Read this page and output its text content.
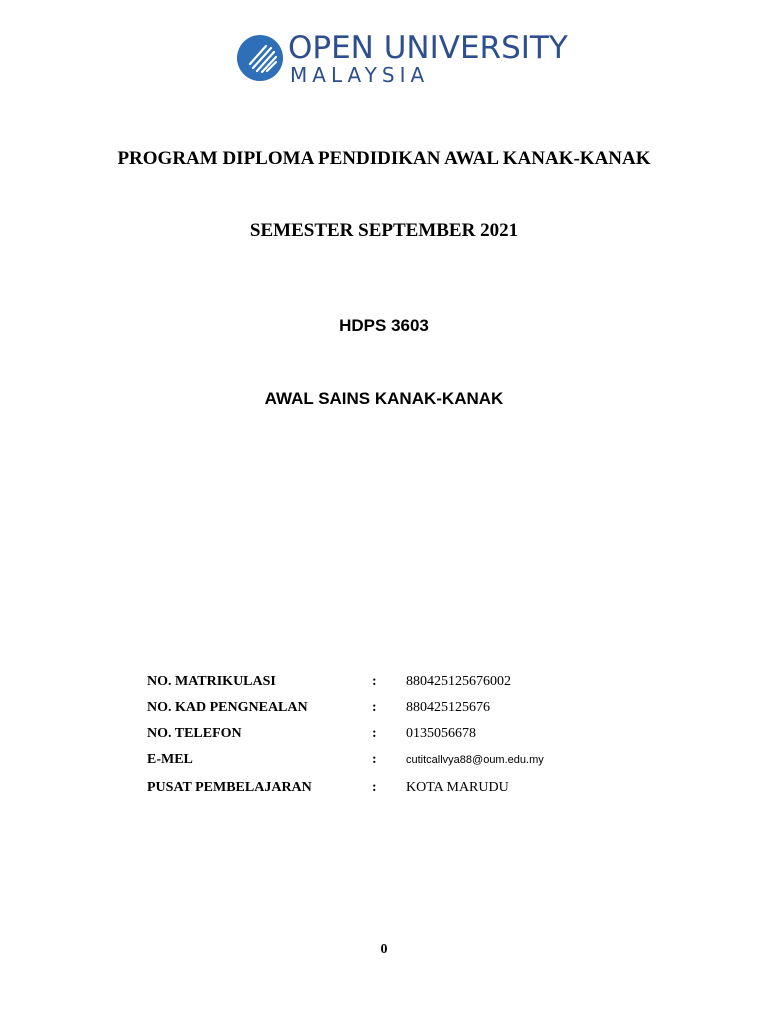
OPEN UNIVERSITY
MALAYSIA
PROGRAM DIPLOMA PENDIDIKAN AWAL KANAK-KANAK
SEMESTER SEPTEMBER 2021
HDPS 3603
AWAL SAINS KANAK-KANAK
NO. MATRIKULASI	: 880425125676002
NO. KAD PENGNEALAN	: 880425125676
NO. TELEFON	: 0135056678
E-MEL	:	cutitcallvya88@oum.edu.my
PUSAT PEMBELAJARAN	: KOTA MARUDU
0
